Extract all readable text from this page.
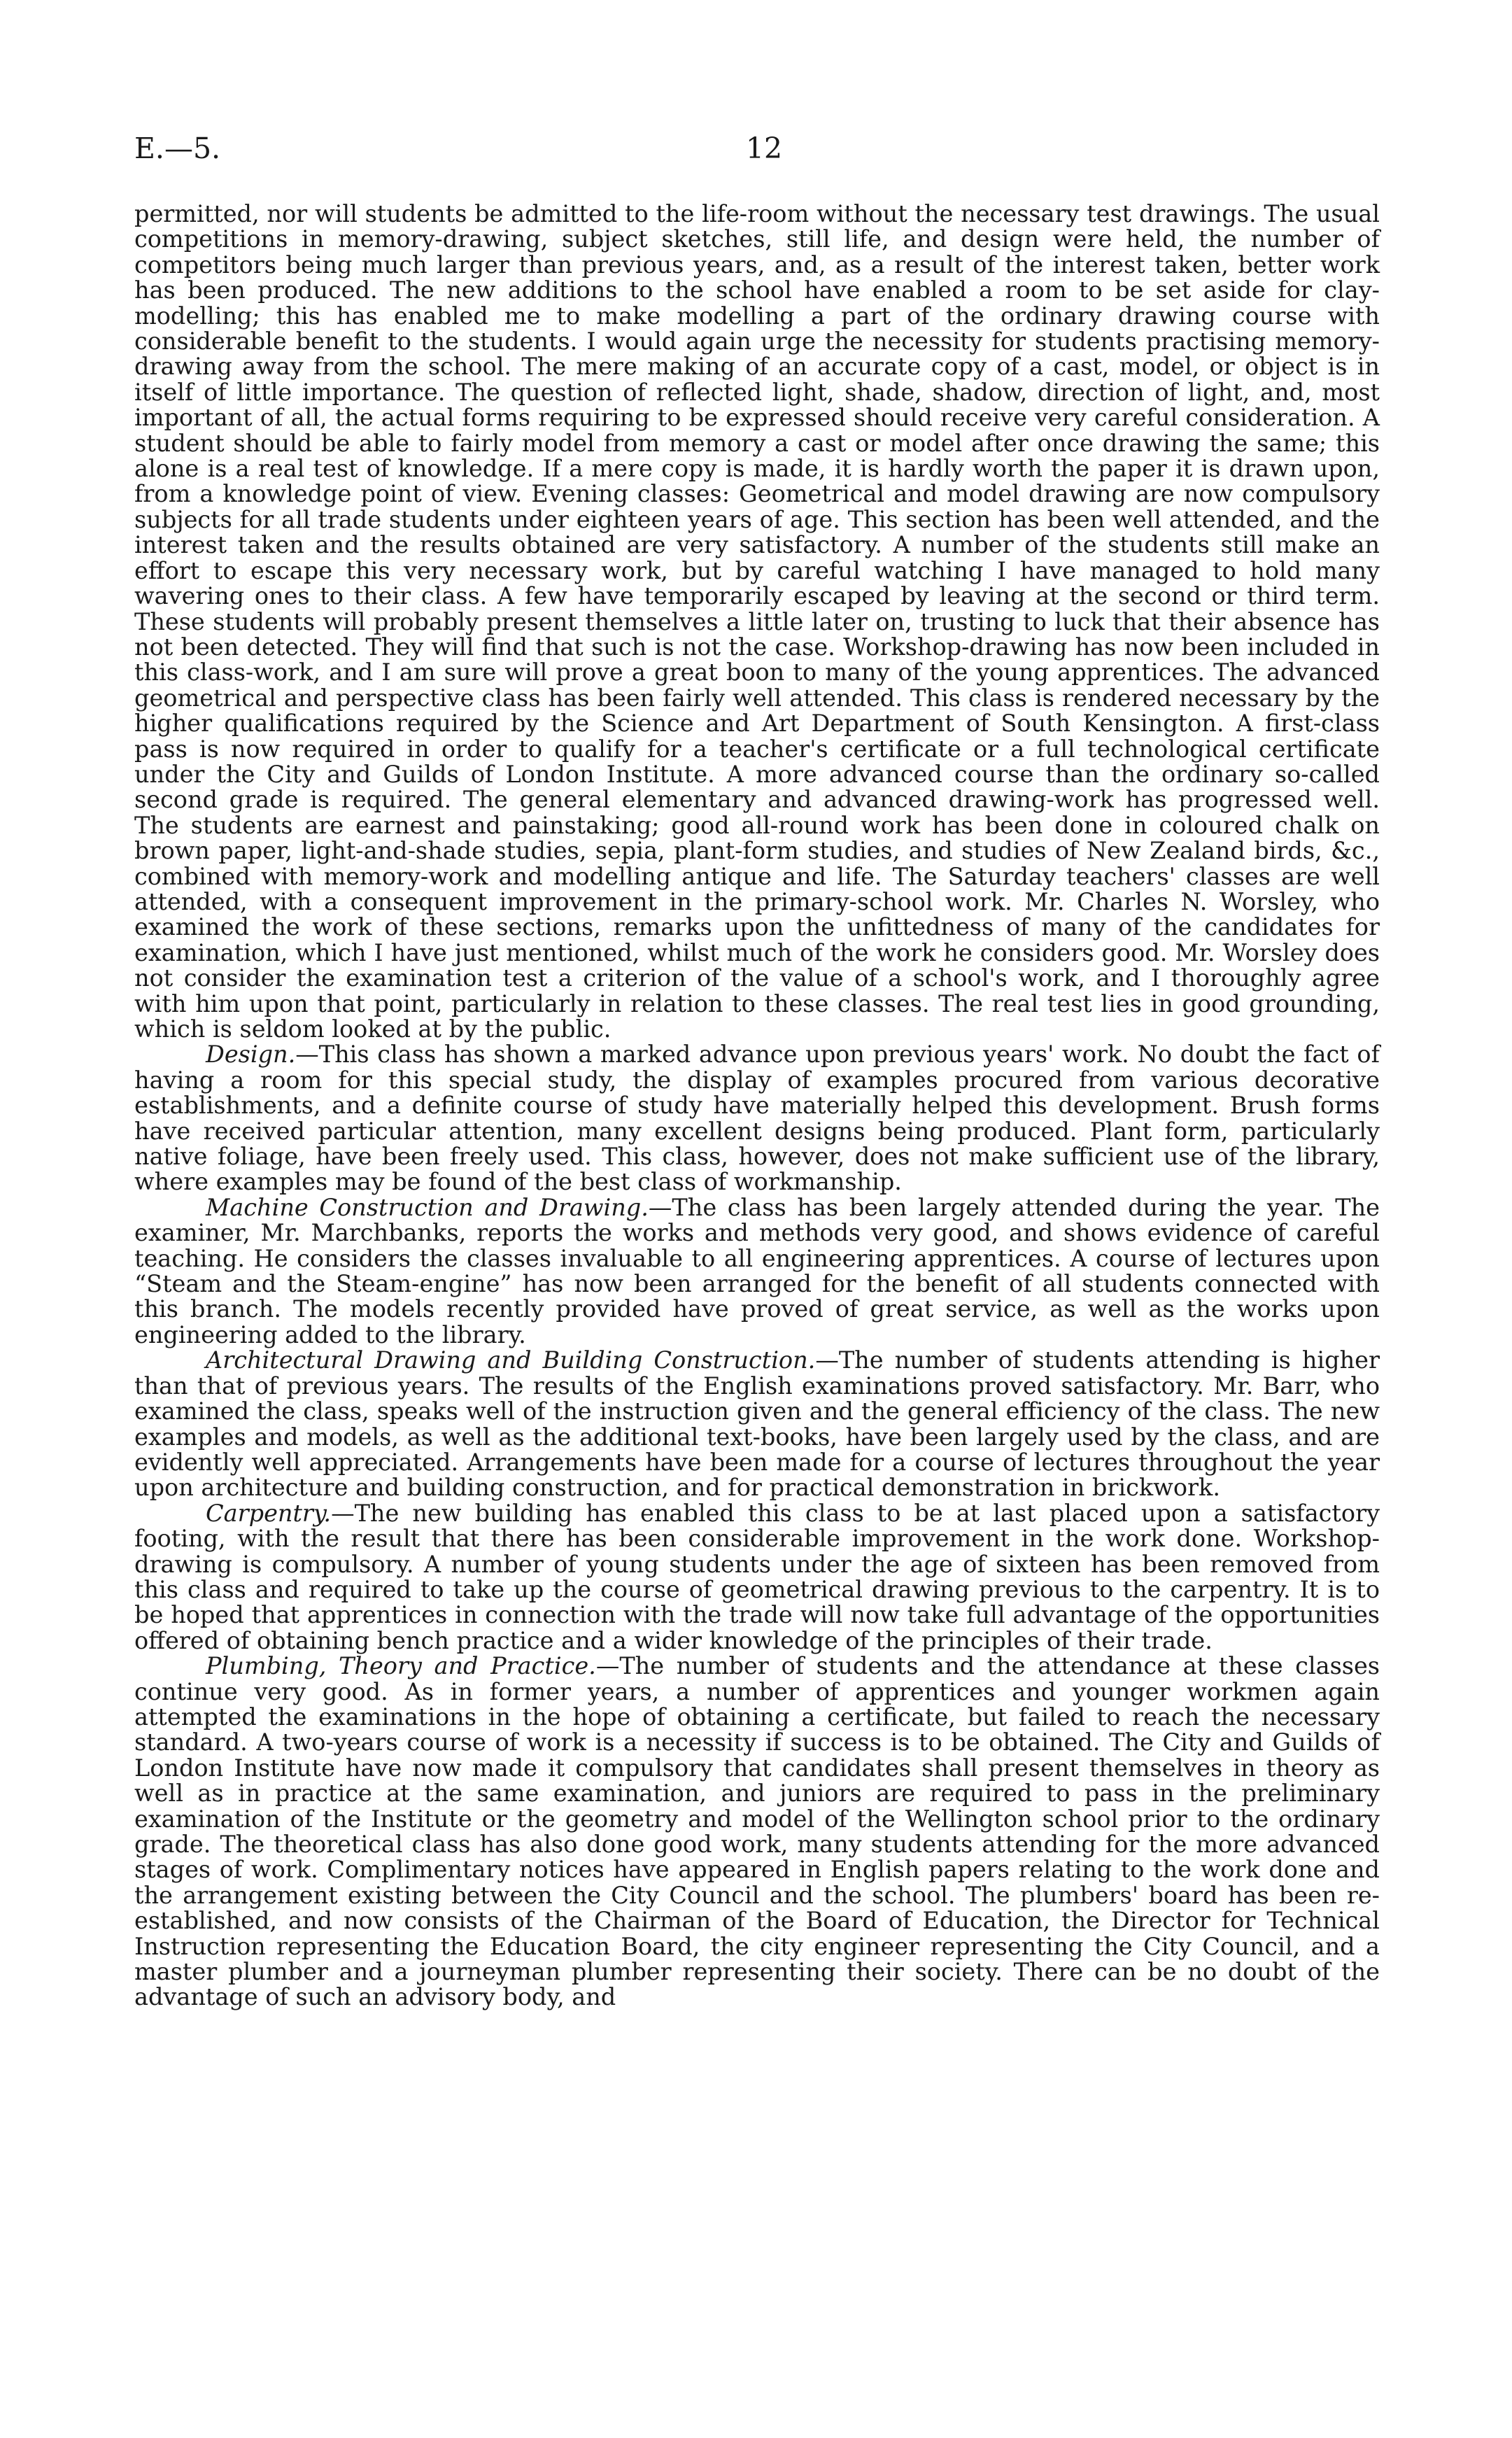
E.—5.	12

permitted, nor will students be admitted to the life-room without the necessary test drawings. The usual competitions in memory-drawing, subject sketches, still life, and design were held, the number of competitors being much larger than previous years, and, as a result of the interest taken, better work has been produced. The new additions to the school have enabled a room to be set aside for clay-modelling; this has enabled me to make modelling a part of the ordinary drawing course with considerable benefit to the students. I would again urge the necessity for students practising memory-drawing away from the school. The mere making of an accurate copy of a cast, model, or object is in itself of little importance. The question of reflected light, shade, shadow, direction of light, and, most important of all, the actual forms requiring to be expressed should receive very careful consideration. A student should be able to fairly model from memory a cast or model after once drawing the same; this alone is a real test of knowledge. If a mere copy is made, it is hardly worth the paper it is drawn upon, from a knowledge point of view. Evening classes: Geometrical and model drawing are now compulsory subjects for all trade students under eighteen years of age. This section has been well attended, and the interest taken and the results obtained are very satisfactory. A number of the students still make an effort to escape this very necessary work, but by careful watching I have managed to hold many wavering ones to their class. A few have temporarily escaped by leaving at the second or third term. These students will probably present themselves a little later on, trusting to luck that their absence has not been detected. They will find that such is not the case. Workshop-drawing has now been included in this class-work, and I am sure will prove a great boon to many of the young apprentices. The advanced geometrical and perspective class has been fairly well attended. This class is rendered necessary by the higher qualifications required by the Science and Art Department of South Kensington. A first-class pass is now required in order to qualify for a teacher's certificate or a full technological certificate under the City and Guilds of London Institute. A more advanced course than the ordinary so-called second grade is required. The general elementary and advanced drawing-work has progressed well. The students are earnest and painstaking; good all-round work has been done in coloured chalk on brown paper, light-and-shade studies, sepia, plant-form studies, and studies of New Zealand birds, &c., combined with memory-work and modelling antique and life. The Saturday teachers' classes are well attended, with a consequent improvement in the primary-school work. Mr. Charles N. Worsley, who examined the work of these sections, remarks upon the unfittedness of many of the candidates for examination, which I have just mentioned, whilst much of the work he considers good. Mr. Worsley does not consider the examination test a criterion of the value of a school's work, and I thoroughly agree with him upon that point, particularly in relation to these classes. The real test lies in good grounding, which is seldom looked at by the public.

Design.—This class has shown a marked advance upon previous years' work. No doubt the fact of having a room for this special study, the display of examples procured from various decorative establishments, and a definite course of study have materially helped this development. Brush forms have received particular attention, many excellent designs being produced. Plant form, particularly native foliage, have been freely used. This class, however, does not make sufficient use of the library, where examples may be found of the best class of workmanship.

Machine Construction and Drawing.—The class has been largely attended during the year. The examiner, Mr. Marchbanks, reports the works and methods very good, and shows evidence of careful teaching. He considers the classes invaluable to all engineering apprentices. A course of lectures upon “Steam and the Steam-engine” has now been arranged for the benefit of all students connected with this branch. The models recently provided have proved of great service, as well as the works upon engineering added to the library.

Architectural Drawing and Building Construction.—The number of students attending is higher than that of previous years. The results of the English examinations proved satisfactory. Mr. Barr, who examined the class, speaks well of the instruction given and the general efficiency of the class. The new examples and models, as well as the additional text-books, have been largely used by the class, and are evidently well appreciated. Arrangements have been made for a course of lectures throughout the year upon architecture and building construction, and for practical demonstration in brickwork.

Carpentry.—The new building has enabled this class to be at last placed upon a satisfactory footing, with the result that there has been considerable improvement in the work done. Workshop-drawing is compulsory. A number of young students under the age of sixteen has been removed from this class and required to take up the course of geometrical drawing previous to the carpentry. It is to be hoped that apprentices in connection with the trade will now take full advantage of the opportunities offered of obtaining bench practice and a wider knowledge of the principles of their trade.

Plumbing, Theory and Practice.—The number of students and the attendance at these classes continue very good. As in former years, a number of apprentices and younger workmen again attempted the examinations in the hope of obtaining a certificate, but failed to reach the necessary standard. A two-years course of work is a necessity if success is to be obtained. The City and Guilds of London Institute have now made it compulsory that candidates shall present themselves in theory as well as in practice at the same examination, and juniors are required to pass in the preliminary examination of the Institute or the geometry and model of the Wellington school prior to the ordinary grade. The theoretical class has also done good work, many students attending for the more advanced stages of work. Complimentary notices have appeared in English papers relating to the work done and the arrangement existing between the City Council and the school. The plumbers' board has been re-established, and now consists of the Chairman of the Board of Education, the Director for Technical Instruction representing the Education Board, the city engineer representing the City Council, and a master plumber and a journeyman plumber representing their society. There can be no doubt of the advantage of such an advisory body, and
